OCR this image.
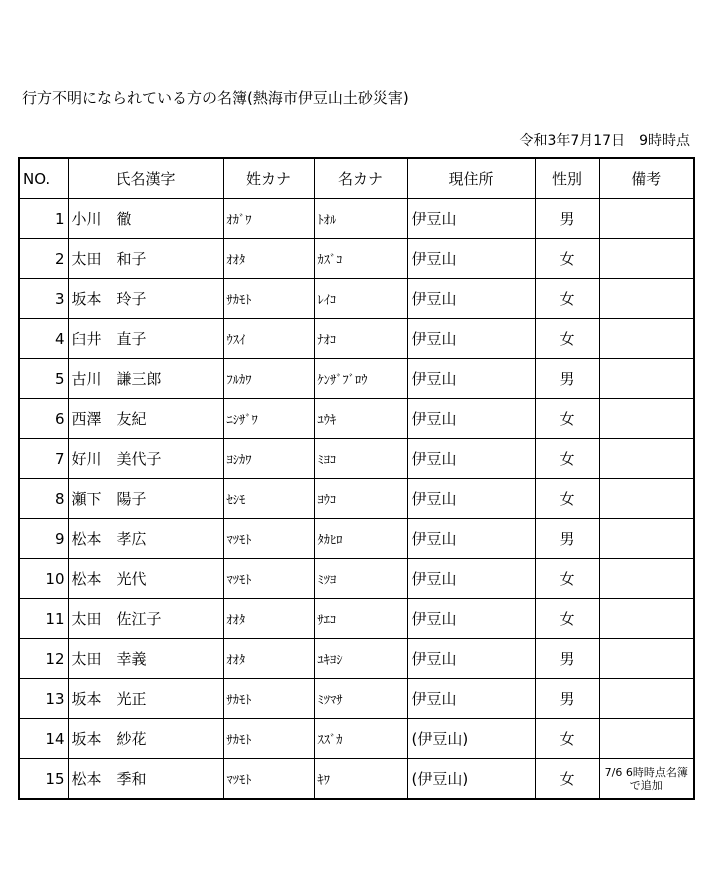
行方不明になられている方の名簿(熱海市伊豆山土砂災害)
令和3年7月17日　9時時点
NO.	氏名漢字	姓カナ	名カナ	現住所	性別	備考
1	小川　徹	ｵｶﾞﾜ	ﾄｵﾙ	伊豆山	男	
2	太田　和子	ｵｵﾀ	ｶｽﾞｺ	伊豆山	女	
3	坂本　玲子	ｻｶﾓﾄ	ﾚｲｺ	伊豆山	女	
4	臼井　直子	ｳｽｲ	ﾅｵｺ	伊豆山	女	
5	古川　謙三郎	ﾌﾙｶﾜ	ｹﾝｻﾞﾌﾞﾛｳ	伊豆山	男	
6	西澤　友紀	ﾆｼｻﾞﾜ	ﾕｳｷ	伊豆山	女	
7	好川　美代子	ﾖｼｶﾜ	ﾐﾖｺ	伊豆山	女	
8	瀬下　陽子	ｾｼﾓ	ﾖｳｺ	伊豆山	女	
9	松本　孝広	ﾏﾂﾓﾄ	ﾀｶﾋﾛ	伊豆山	男	
10	松本　光代	ﾏﾂﾓﾄ	ﾐﾂﾖ	伊豆山	女	
11	太田　佐江子	ｵｵﾀ	ｻｴｺ	伊豆山	女	
12	太田　幸義	ｵｵﾀ	ﾕｷﾖｼ	伊豆山	男	
13	坂本　光正	ｻｶﾓﾄ	ﾐﾂﾏｻ	伊豆山	男	
14	坂本　紗花	ｻｶﾓﾄ	ｽｽﾞｶ	(伊豆山)	女	
15	松本　季和	ﾏﾂﾓﾄ	ｷﾜ	(伊豆山)	女	7/6 6時時点名簿で追加
